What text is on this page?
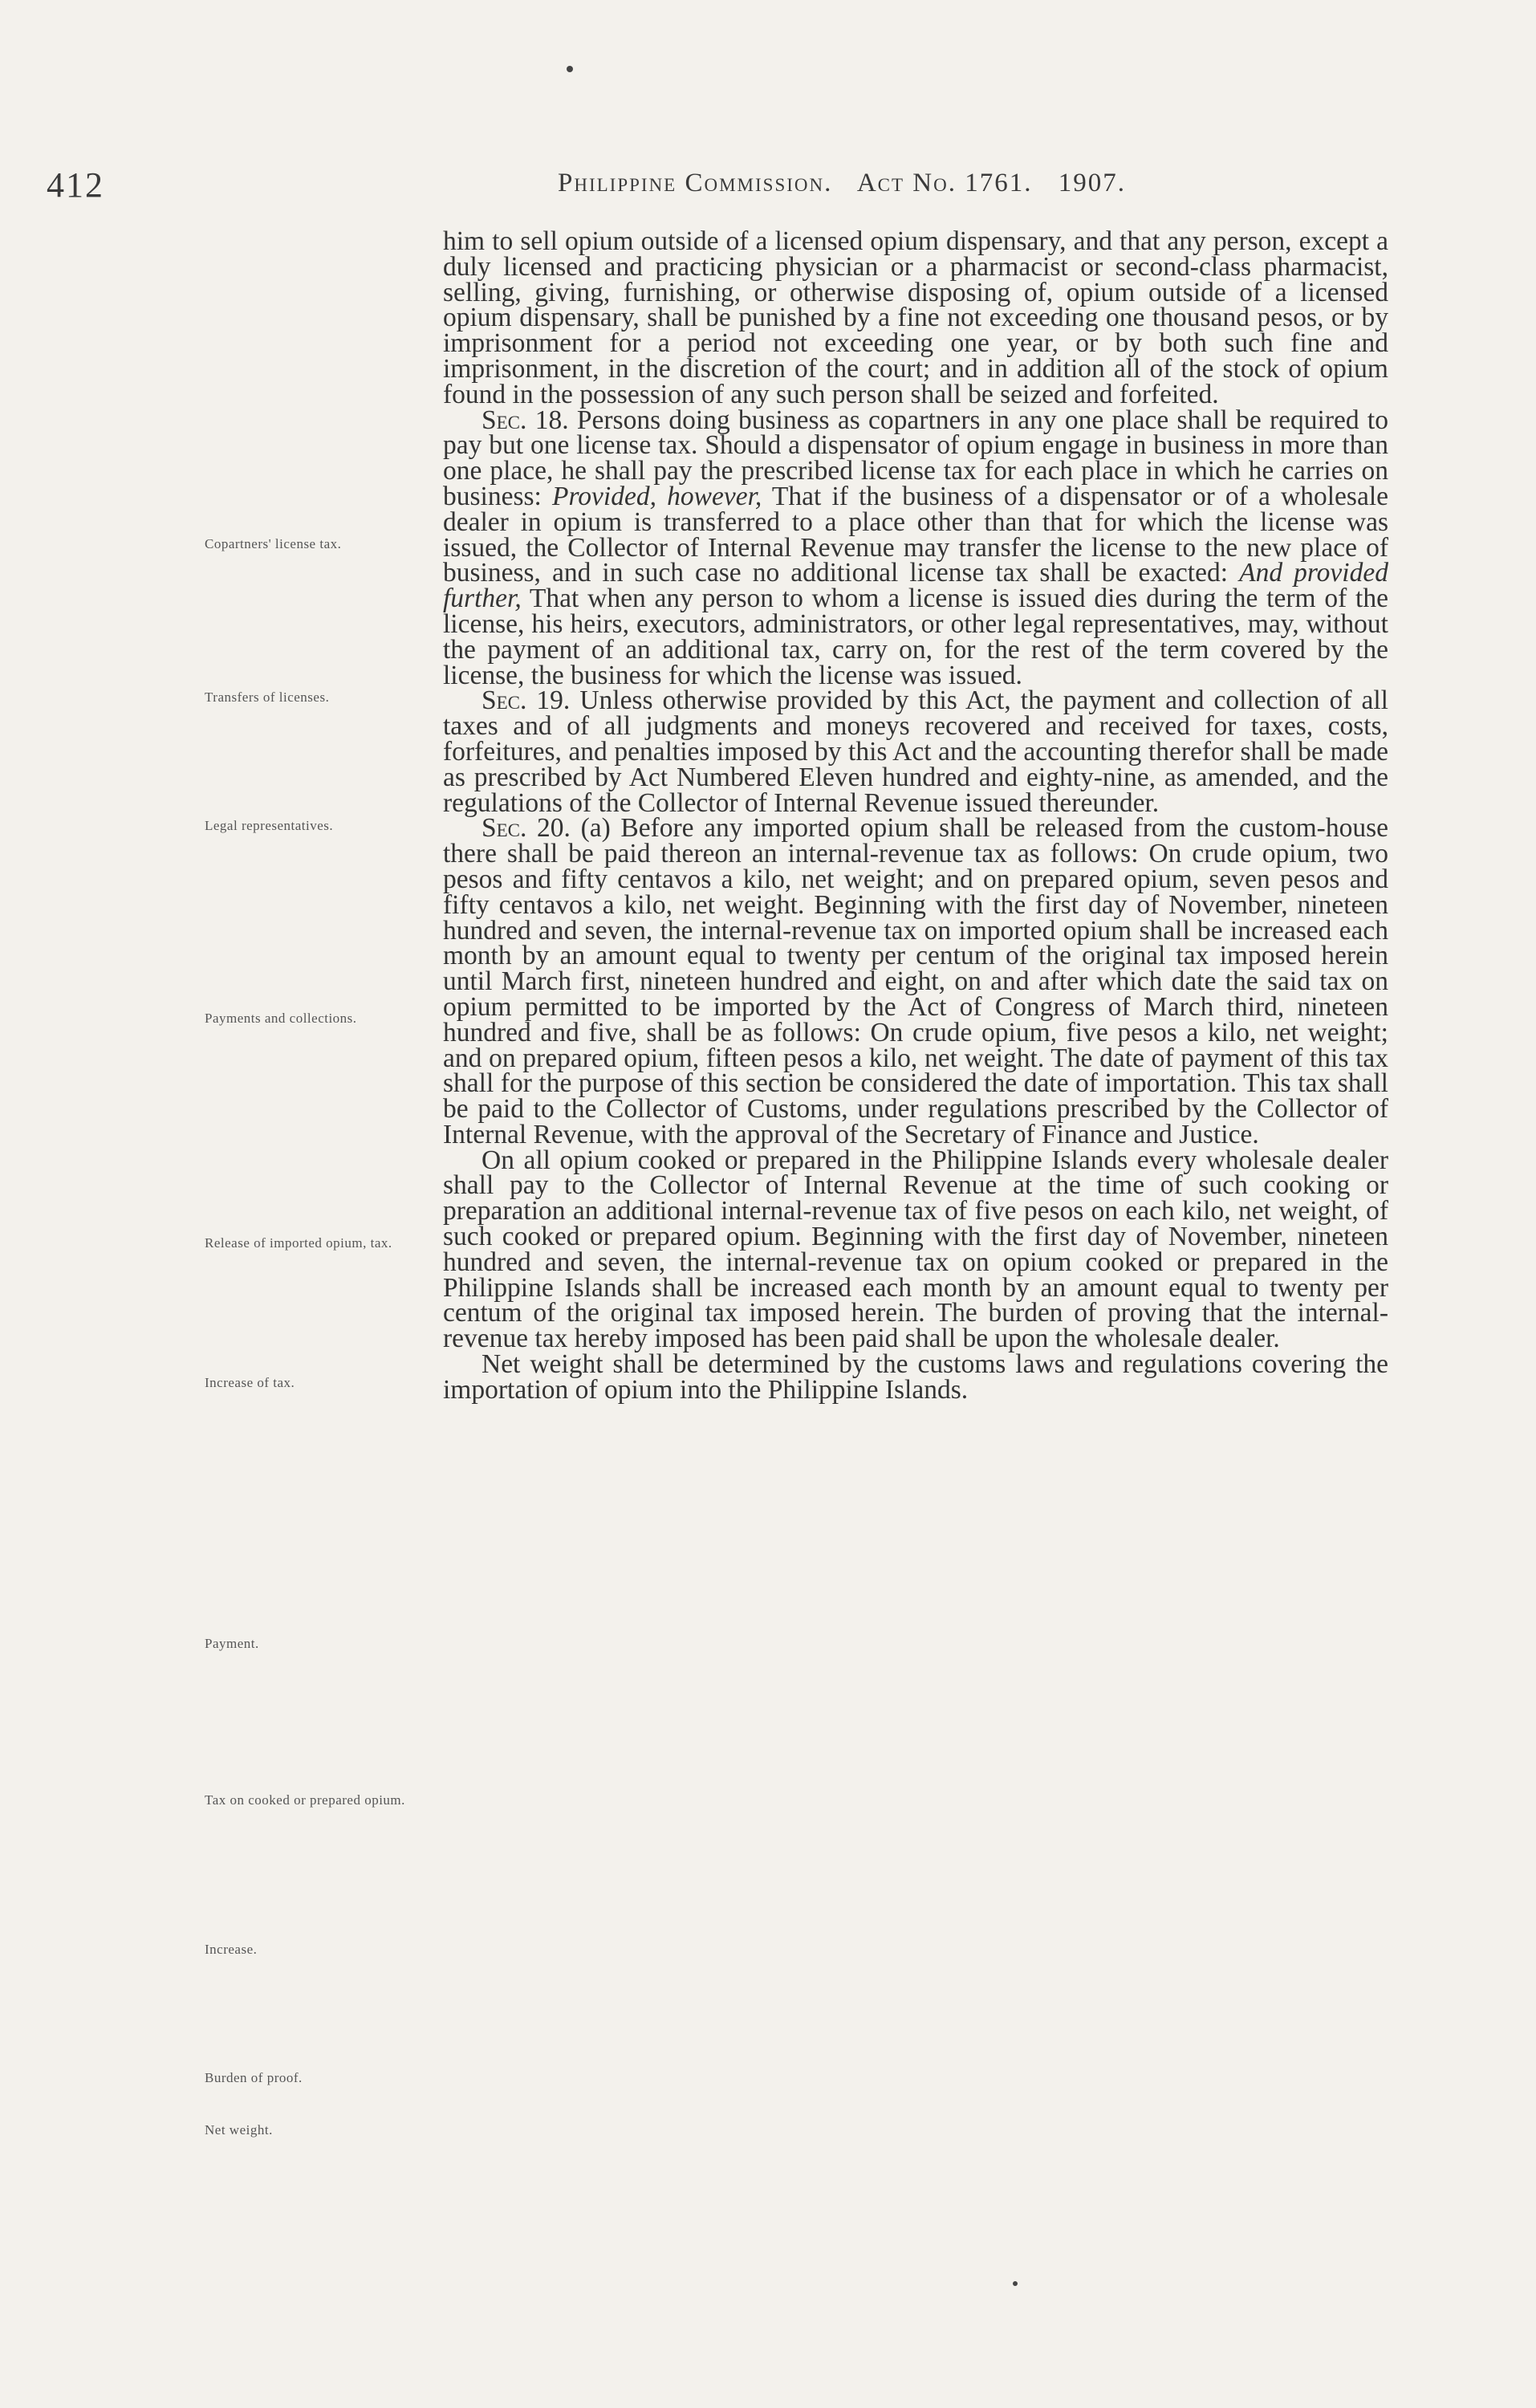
412	Philippine Commission. Act No. 1761. 1907.
Copartners' license tax.
Transfers of licenses.
Legal representatives.
Payments and collections.
Release of imported opium, tax.
Increase of tax.
Payment.
Tax on cooked or prepared opium.
Increase.
Burden of proof.
Net weight.

him to sell opium outside of a licensed opium dispensary, and that any person, except a duly licensed and practicing physician or a pharmacist or second-class pharmacist, selling, giving, furnishing, or otherwise disposing of, opium outside of a licensed opium dispensary, shall be punished by a fine not exceeding one thousand pesos, or by imprisonment for a period not exceeding one year, or by both such fine and imprisonment, in the discretion of the court; and in addition all of the stock of opium found in the possession of any such person shall be seized and forfeited.

Sec. 18. Persons doing business as copartners in any one place shall be required to pay but one license tax. Should a dispensator of opium engage in business in more than one place, he shall pay the prescribed license tax for each place in which he carries on business: Provided, however, That if the business of a dispensator or of a wholesale dealer in opium is transferred to a place other than that for which the license was issued, the Collector of Internal Revenue may transfer the license to the new place of business, and in such case no additional license tax shall be exacted: And provided further, That when any person to whom a license is issued dies during the term of the license, his heirs, executors, administrators, or other legal representatives, may, without the payment of an additional tax, carry on, for the rest of the term covered by the license, the business for which the license was issued.

Sec. 19. Unless otherwise provided by this Act, the payment and collection of all taxes and of all judgments and moneys recovered and received for taxes, costs, forfeitures, and penalties imposed by this Act and the accounting therefor shall be made as prescribed by Act Numbered Eleven hundred and eighty-nine, as amended, and the regulations of the Collector of Internal Revenue issued thereunder.

Sec. 20. (a) Before any imported opium shall be released from the custom-house there shall be paid thereon an internal-revenue tax as follows: On crude opium, two pesos and fifty centavos a kilo, net weight; and on prepared opium, seven pesos and fifty centavos a kilo, net weight. Beginning with the first day of November, nineteen hundred and seven, the internal-revenue tax on imported opium shall be increased each month by an amount equal to twenty per centum of the original tax imposed herein until March first, nineteen hundred and eight, on and after which date the said tax on opium permitted to be imported by the Act of Congress of March third, nineteen hundred and five, shall be as follows: On crude opium, five pesos a kilo, net weight; and on prepared opium, fifteen pesos a kilo, net weight. The date of payment of this tax shall for the purpose of this section be considered the date of importation. This tax shall be paid to the Collector of Customs, under regulations prescribed by the Collector of Internal Revenue, with the approval of the Secretary of Finance and Justice.

On all opium cooked or prepared in the Philippine Islands every wholesale dealer shall pay to the Collector of Internal Revenue at the time of such cooking or preparation an additional internal-revenue tax of five pesos on each kilo, net weight, of such cooked or prepared opium. Beginning with the first day of November, nineteen hundred and seven, the internal-revenue tax on opium cooked or prepared in the Philippine Islands shall be increased each month by an amount equal to twenty per centum of the original tax imposed herein. The burden of proving that the internal-revenue tax hereby imposed has been paid shall be upon the wholesale dealer.

Net weight shall be determined by the customs laws and regulations covering the importation of opium into the Philippine Islands.
